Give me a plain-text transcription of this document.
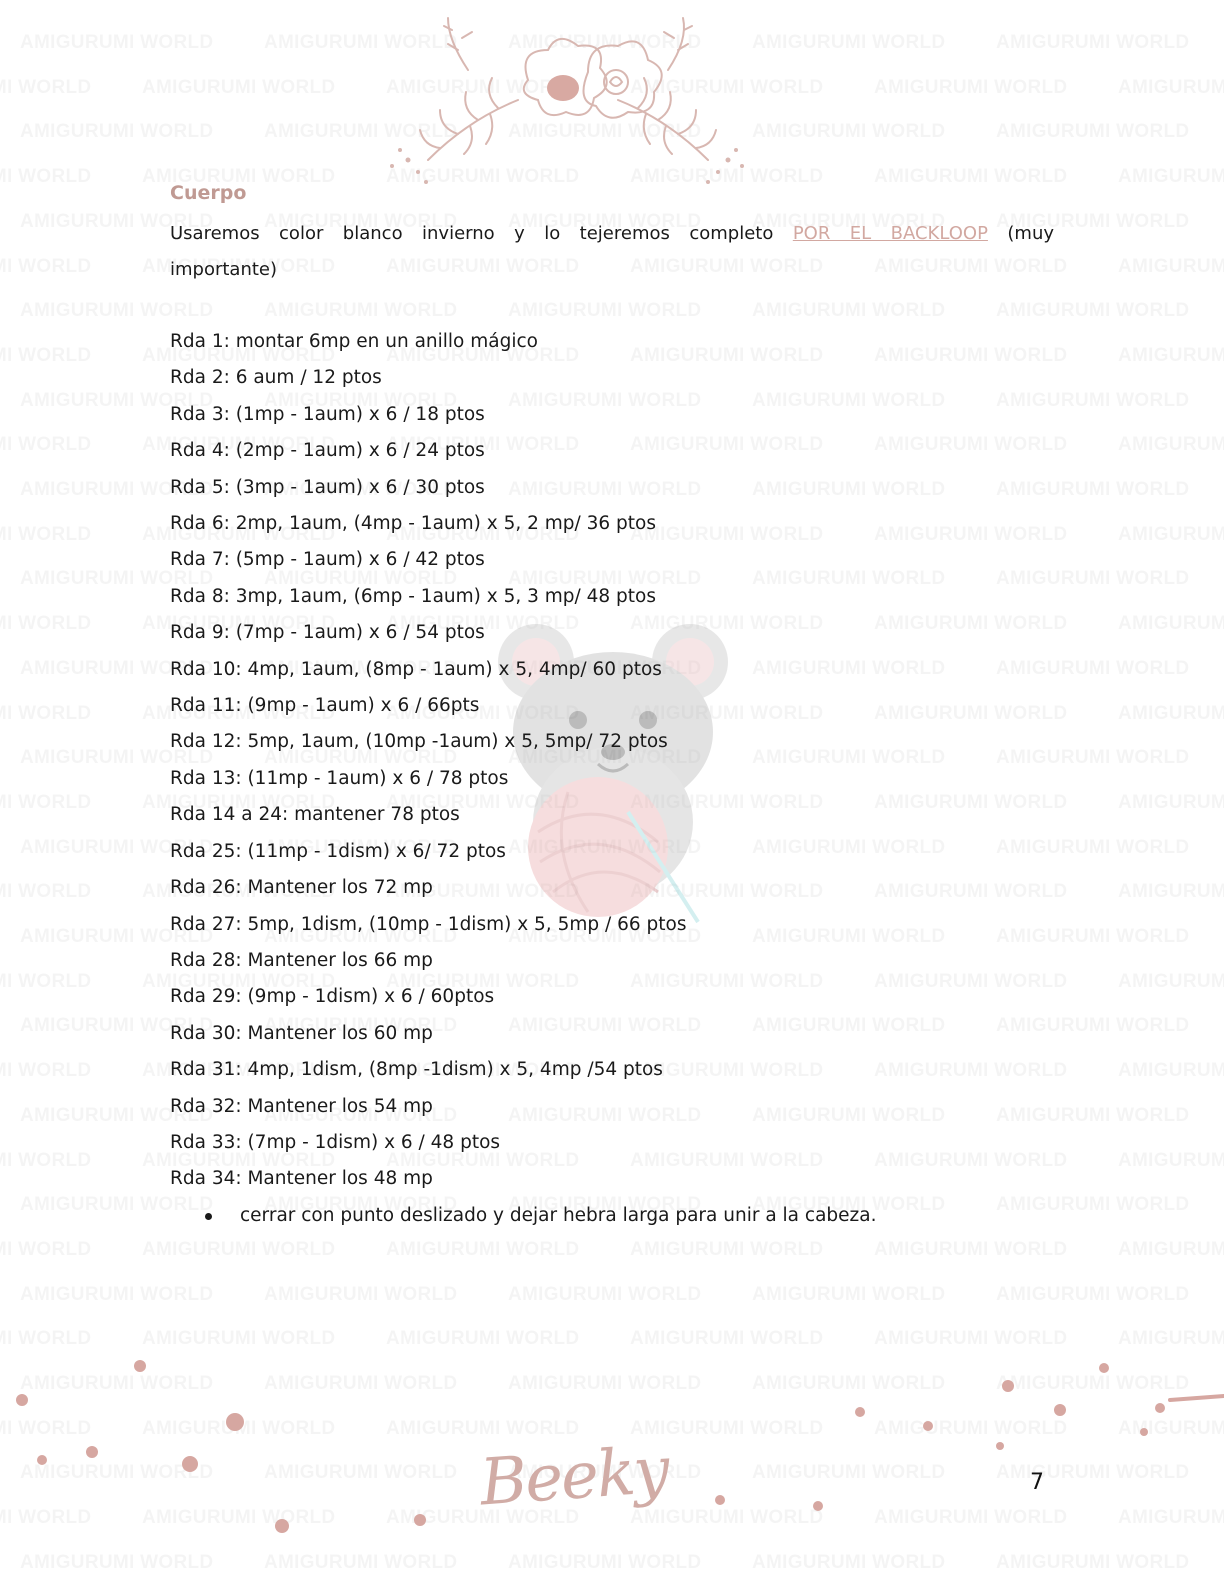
Cuerpo

Usaremos color blanco invierno y lo tejeremos completo POR EL BACKLOOP (muy importante)

Rda 1: montar 6mp en un anillo mágico
Rda 2: 6 aum / 12 ptos
Rda 3: (1mp - 1aum) x 6 / 18 ptos
Rda 4: (2mp - 1aum) x 6 / 24 ptos
Rda 5: (3mp - 1aum) x 6 / 30 ptos
Rda 6: 2mp, 1aum, (4mp - 1aum) x 5, 2 mp/ 36 ptos
Rda 7: (5mp - 1aum) x 6 / 42 ptos
Rda 8: 3mp, 1aum, (6mp - 1aum) x 5, 3 mp/ 48 ptos
Rda 9: (7mp - 1aum) x 6 / 54 ptos
Rda 10: 4mp, 1aum, (8mp - 1aum) x 5, 4mp/ 60 ptos
Rda 11: (9mp - 1aum) x 6 / 66pts
Rda 12: 5mp, 1aum, (10mp -1aum) x 5, 5mp/ 72 ptos
Rda 13: (11mp - 1aum) x 6 / 78 ptos
Rda 14 a 24: mantener 78 ptos
Rda 25: (11mp - 1dism) x 6/ 72 ptos
Rda 26: Mantener los 72 mp
Rda 27: 5mp, 1dism, (10mp - 1dism) x 5, 5mp / 66 ptos
Rda 28: Mantener los 66 mp
Rda 29: (9mp - 1dism) x 6 / 60ptos
Rda 30: Mantener los 60 mp
Rda 31: 4mp, 1dism, (8mp -1dism) x 5, 4mp /54 ptos
Rda 32: Mantener los 54 mp
Rda 33: (7mp - 1dism) x 6 / 48 ptos
Rda 34: Mantener los 48 mp
cerrar con punto deslizado y dejar hebra larga para unir a la cabeza.
Beeky	7
